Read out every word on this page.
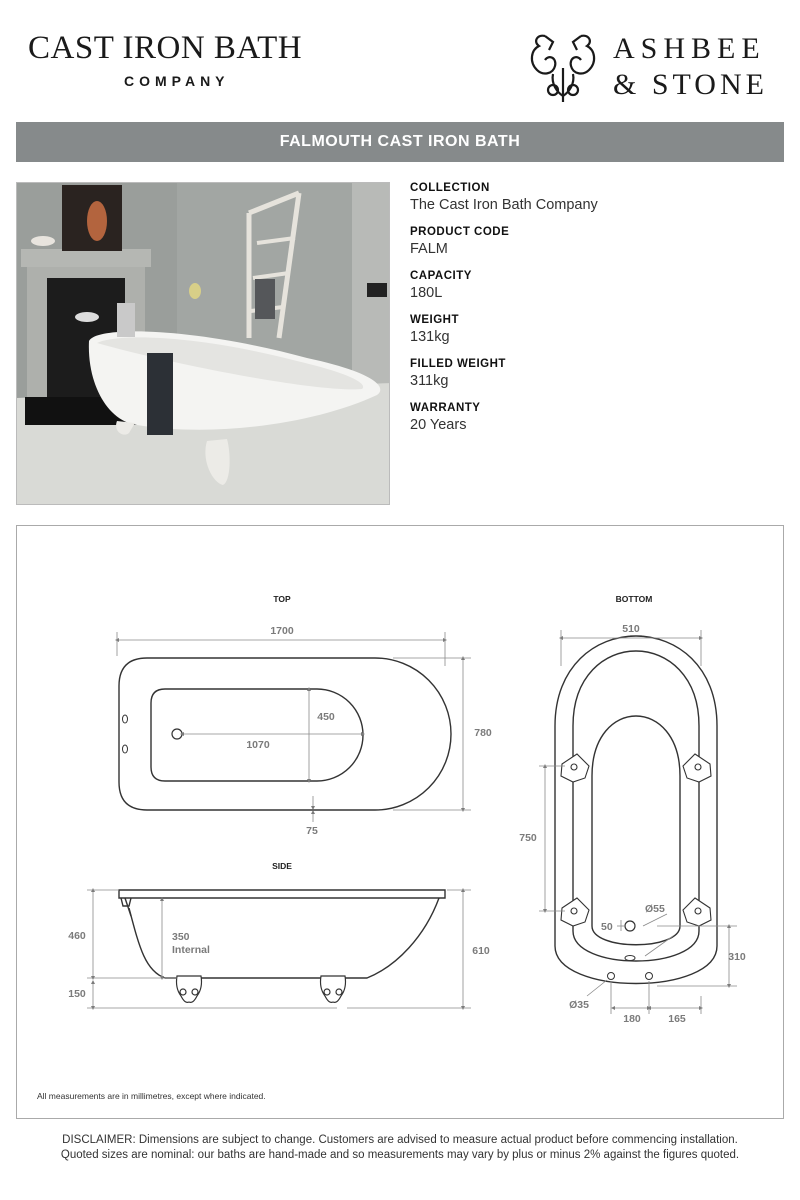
CAST IRON BATH
COMPANY
ASHBEE
& STONE
FALMOUTH CAST IRON BATH
COLLECTION
The Cast Iron Bath Company
PRODUCT CODE
FALM
CAPACITY
180L
WEIGHT
131kg
FILLED WEIGHT
311kg
WARRANTY
20 Years
TOP
1700
780
450
1070
75
SIDE
460	350
Internal	610
150
BOTTOM
510
750
Ø55
50
310
Ø35
180	165
All measurements are in millimetres, except where indicated.
DISCLAIMER: Dimensions are subject to change. Customers are advised to measure actual product before commencing installation.
Quoted sizes are nominal: our baths are hand-made and so measurements may vary by plus or minus 2% against the figures quoted.
